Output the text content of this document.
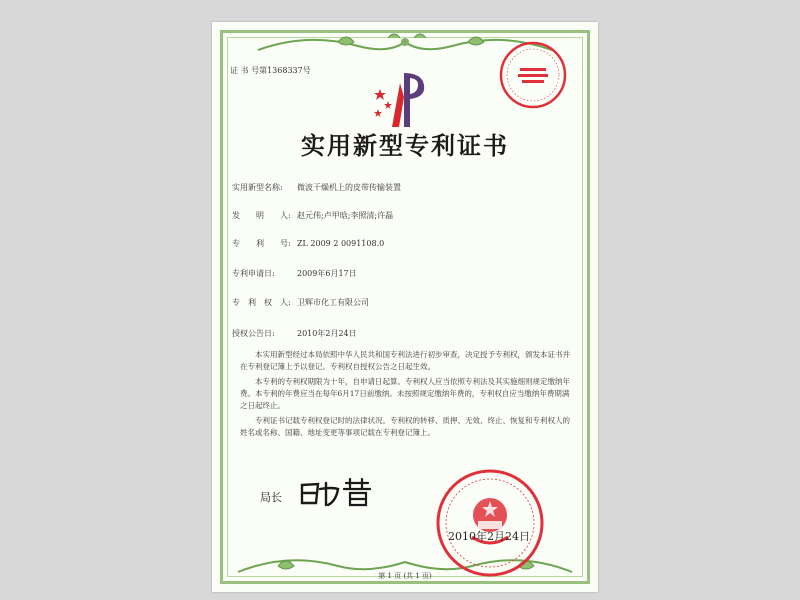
证 书 号第1368337号
实用新型专利证书
实用新型名称: 微波干燥机上的皮带传输装置
发　　明　　人: 赵元伟;卢甲晗;李照清;许磊
专　　利　　号: ZL 2009 2 0091108.0
专利申请日:	2009年6月17日
专　利　权　人: 卫辉市化工有限公司
授权公告日:	2010年2月24日

本实用新型经过本局依照中华人民共和国专利法进行初步审查，决定授予专利权，颁发本证书并在专利登记簿上予以登记。专利权自授权公告之日起生效。

本专利的专利权期限为十年，自申请日起算。专利权人应当依照专利法及其实施细则规定缴纳年费。本专利的年费应当在每年6月17日前缴纳。未按照规定缴纳年费的，专利权自应当缴纳年费期满之日起终止。

专利证书记载专利权登记时的法律状况。专利权的转移、质押、无效、终止、恢复和专利权人的姓名或名称、国籍、地址变更等事项记载在专利登记簿上。

局长
2010年2月24日
第 1 页 (共 1 页)
